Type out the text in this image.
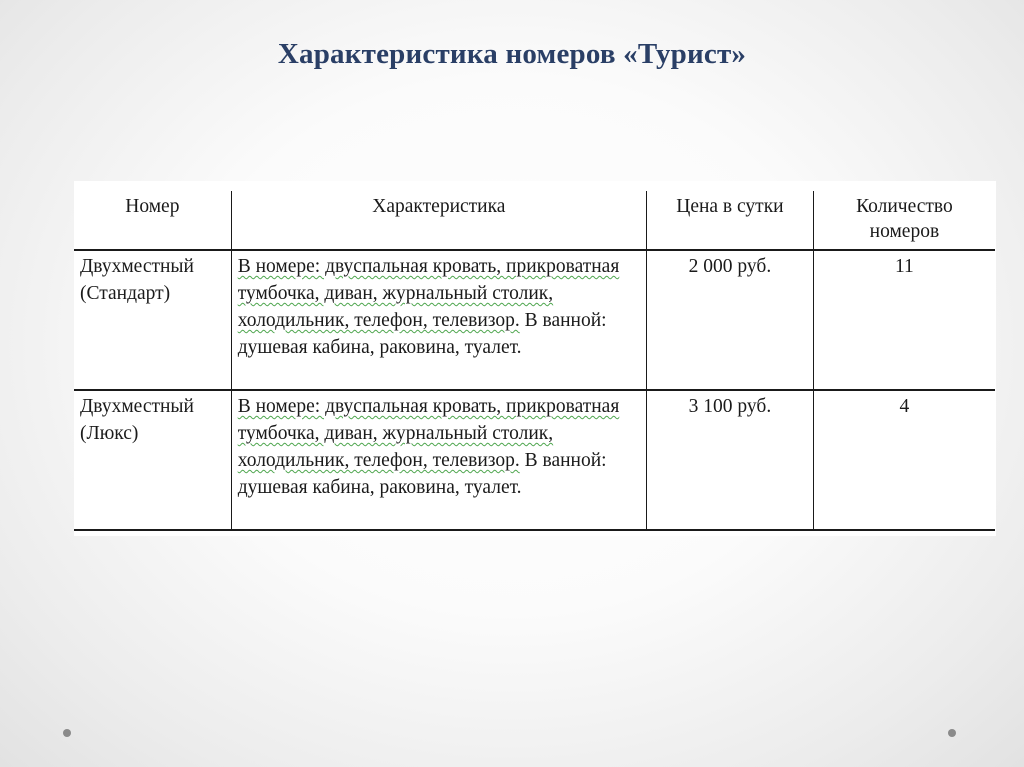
Характеристика номеров «Турист»
Номер	Характеристика	Цена в сутки	Количество номеров
Двухместный (Стандарт)	В номере: двуспальная кровать, прикроватная тумбочка, диван, журнальный столик, холодильник, телефон, телевизор. В ванной: душевая кабина, раковина, туалет.	2 000 руб.	11
Двухместный (Люкс)	В номере: двуспальная кровать, прикроватная тумбочка, диван, журнальный столик, холодильник, телефон, телевизор. В ванной: душевая кабина, раковина, туалет.	3 100 руб.	4
